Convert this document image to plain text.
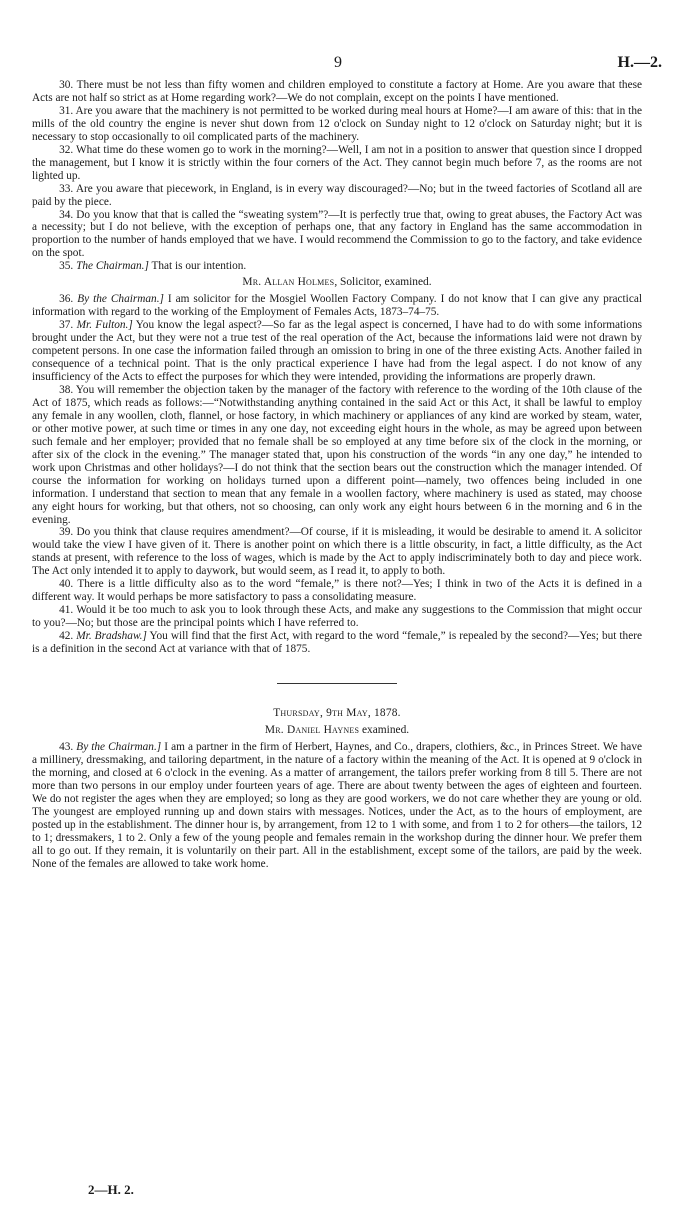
9	H.—2.

30. There must be not less than fifty women and children employed to constitute a factory at Home. Are you aware that these Acts are not half so strict as at Home regarding work?—We do not complain, except on the points I have mentioned.

31. Are you aware that the machinery is not permitted to be worked during meal hours at Home?—I am aware of this: that in the mills of the old country the engine is never shut down from 12 o'clock on Sunday night to 12 o'clock on Saturday night; but it is necessary to stop occasionally to oil complicated parts of the machinery.

32. What time do these women go to work in the morning?—Well, I am not in a position to answer that question since I dropped the management, but I know it is strictly within the four corners of the Act. They cannot begin much before 7, as the rooms are not lighted up.

33. Are you aware that piecework, in England, is in every way discouraged?—No; but in the tweed factories of Scotland all are paid by the piece.

34. Do you know that that is called the “sweating system”?—It is perfectly true that, owing to great abuses, the Factory Act was a necessity; but I do not believe, with the exception of perhaps one, that any factory in England has the same accommodation in proportion to the number of hands employed that we have. I would recommend the Commission to go to the factory, and take evidence on the spot.

35. The Chairman.] That is our intention.

Mr. Allan Holmes, Solicitor, examined.

36. By the Chairman.] I am solicitor for the Mosgiel Woollen Factory Company. I do not know that I can give any practical information with regard to the working of the Employment of Females Acts, 1873–74–75.

37. Mr. Fulton.] You know the legal aspect?—So far as the legal aspect is concerned, I have had to do with some informations brought under the Act, but they were not a true test of the real operation of the Act, because the informations laid were not drawn by competent persons. In one case the information failed through an omission to bring in one of the three existing Acts. Another failed in consequence of a technical point. That is the only practical experience I have had from the legal aspect. I do not know of any insufficiency of the Acts to effect the purposes for which they were intended, providing the informations are properly drawn.

38. You will remember the objection taken by the manager of the factory with reference to the wording of the 10th clause of the Act of 1875, which reads as follows:—“Notwithstanding anything contained in the said Act or this Act, it shall be lawful to employ any female in any woollen, cloth, flannel, or hose factory, in which machinery or appliances of any kind are worked by steam, water, or other motive power, at such time or times in any one day, not exceeding eight hours in the whole, as may be agreed upon between such female and her employer; provided that no female shall be so employed at any time before six of the clock in the morning, or after six of the clock in the evening.” The manager stated that, upon his construction of the words “in any one day,” he intended to work upon Christmas and other holidays?—I do not think that the section bears out the construction which the manager intended. Of course the information for working on holidays turned upon a different point—namely, two offences being included in one information. I understand that section to mean that any female in a woollen factory, where machinery is used as stated, may choose any eight hours for working, but that others, not so choosing, can only work any eight hours between 6 in the morning and 6 in the evening.

39. Do you think that clause requires amendment?—Of course, if it is misleading, it would be desirable to amend it. A solicitor would take the view I have given of it. There is another point on which there is a little obscurity, in fact, a little difficulty, as the Act stands at present, with reference to the loss of wages, which is made by the Act to apply indiscriminately both to day and piece work. The Act only intended it to apply to daywork, but would seem, as I read it, to apply to both.

40. There is a little difficulty also as to the word “female,” is there not?—Yes; I think in two of the Acts it is defined in a different way. It would perhaps be more satisfactory to pass a consolidating measure.

41. Would it be too much to ask you to look through these Acts, and make any suggestions to the Commission that might occur to you?—No; but those are the principal points which I have referred to.

42. Mr. Bradshaw.] You will find that the first Act, with regard to the word “female,” is repealed by the second?—Yes; but there is a definition in the second Act at variance with that of 1875.

Thursday, 9th May, 1878.
Mr. Daniel Haynes examined.

43. By the Chairman.] I am a partner in the firm of Herbert, Haynes, and Co., drapers, clothiers, &c., in Princes Street. We have a millinery, dressmaking, and tailoring department, in the nature of a factory within the meaning of the Act. It is opened at 9 o'clock in the morning, and closed at 6 o'clock in the evening. As a matter of arrangement, the tailors prefer working from 8 till 5. There are not more than two persons in our employ under fourteen years of age. There are about twenty between the ages of eighteen and fourteen. We do not register the ages when they are employed; so long as they are good workers, we do not care whether they are young or old. The youngest are employed running up and down stairs with messages. Notices, under the Act, as to the hours of employment, are posted up in the establishment. The dinner hour is, by arrangement, from 12 to 1 with some, and from 1 to 2 for others—the tailors, 12 to 1; dressmakers, 1 to 2. Only a few of the young people and females remain in the workshop during the dinner hour. We prefer them all to go out. If they remain, it is voluntarily on their part. All in the establishment, except some of the tailors, are paid by the week. None of the females are allowed to take work home.

2—H. 2.
